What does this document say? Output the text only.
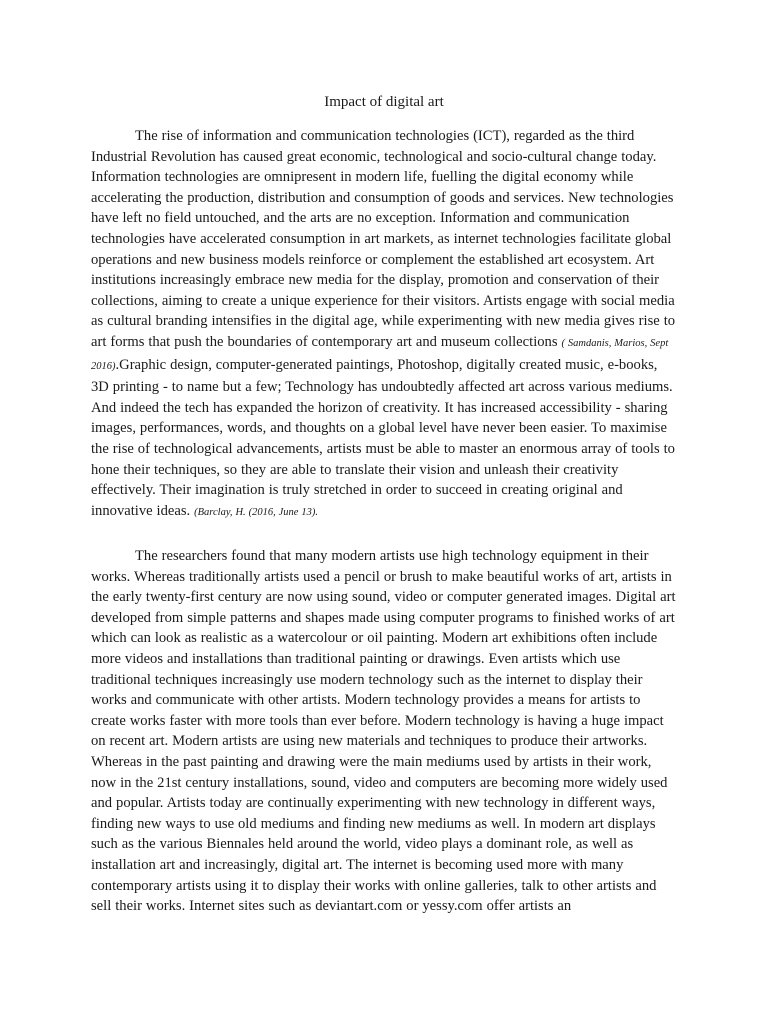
Impact of digital art

The rise of information and communication technologies (ICT), regarded as the third Industrial Revolution has caused great economic, technological and socio-cultural change today. Information technologies are omnipresent in modern life, fuelling the digital economy while accelerating the production, distribution and consumption of goods and services. New technologies have left no field untouched, and the arts are no exception. Information and communication technologies have accelerated consumption in art markets, as internet technologies facilitate global operations and new business models reinforce or complement the established art ecosystem. Art institutions increasingly embrace new media for the display, promotion and conservation of their collections, aiming to create a unique experience for their visitors. Artists engage with social media as cultural branding intensifies in the digital age, while experimenting with new media gives rise to art forms that push the boundaries of contemporary art and museum collections ( Samdanis, Marios, Sept 2016).Graphic design, computer-generated paintings, Photoshop, digitally created music, e-books, 3D printing - to name but a few; Technology has undoubtedly affected art across various mediums. And indeed the tech has expanded the horizon of creativity. It has increased accessibility - sharing images, performances, words, and thoughts on a global level have never been easier. To maximise the rise of technological advancements, artists must be able to master an enormous array of tools to hone their techniques, so they are able to translate their vision and unleash their creativity effectively. Their imagination is truly stretched in order to succeed in creating original and innovative ideas. (Barclay, H. (2016, June 13).

The researchers found that many modern artists use high technology equipment in their works. Whereas traditionally artists used a pencil or brush to make beautiful works of art, artists in the early twenty-first century are now using sound, video or computer generated images. Digital art developed from simple patterns and shapes made using computer programs to finished works of art which can look as realistic as a watercolour or oil painting. Modern art exhibitions often include more videos and installations than traditional painting or drawings. Even artists which use traditional techniques increasingly use modern technology such as the internet to display their works and communicate with other artists. Modern technology provides a means for artists to create works faster with more tools than ever before. Modern technology is having a huge impact on recent art. Modern artists are using new materials and techniques to produce their artworks. Whereas in the past painting and drawing were the main mediums used by artists in their work, now in the 21st century installations, sound, video and computers are becoming more widely used and popular. Artists today are continually experimenting with new technology in different ways, finding new ways to use old mediums and finding new mediums as well. In modern art displays such as the various Biennales held around the world, video plays a dominant role, as well as installation art and increasingly, digital art. The internet is becoming used more with many contemporary artists using it to display their works with online galleries, talk to other artists and sell their works. Internet sites such as deviantart.com or yessy.com offer artists an
